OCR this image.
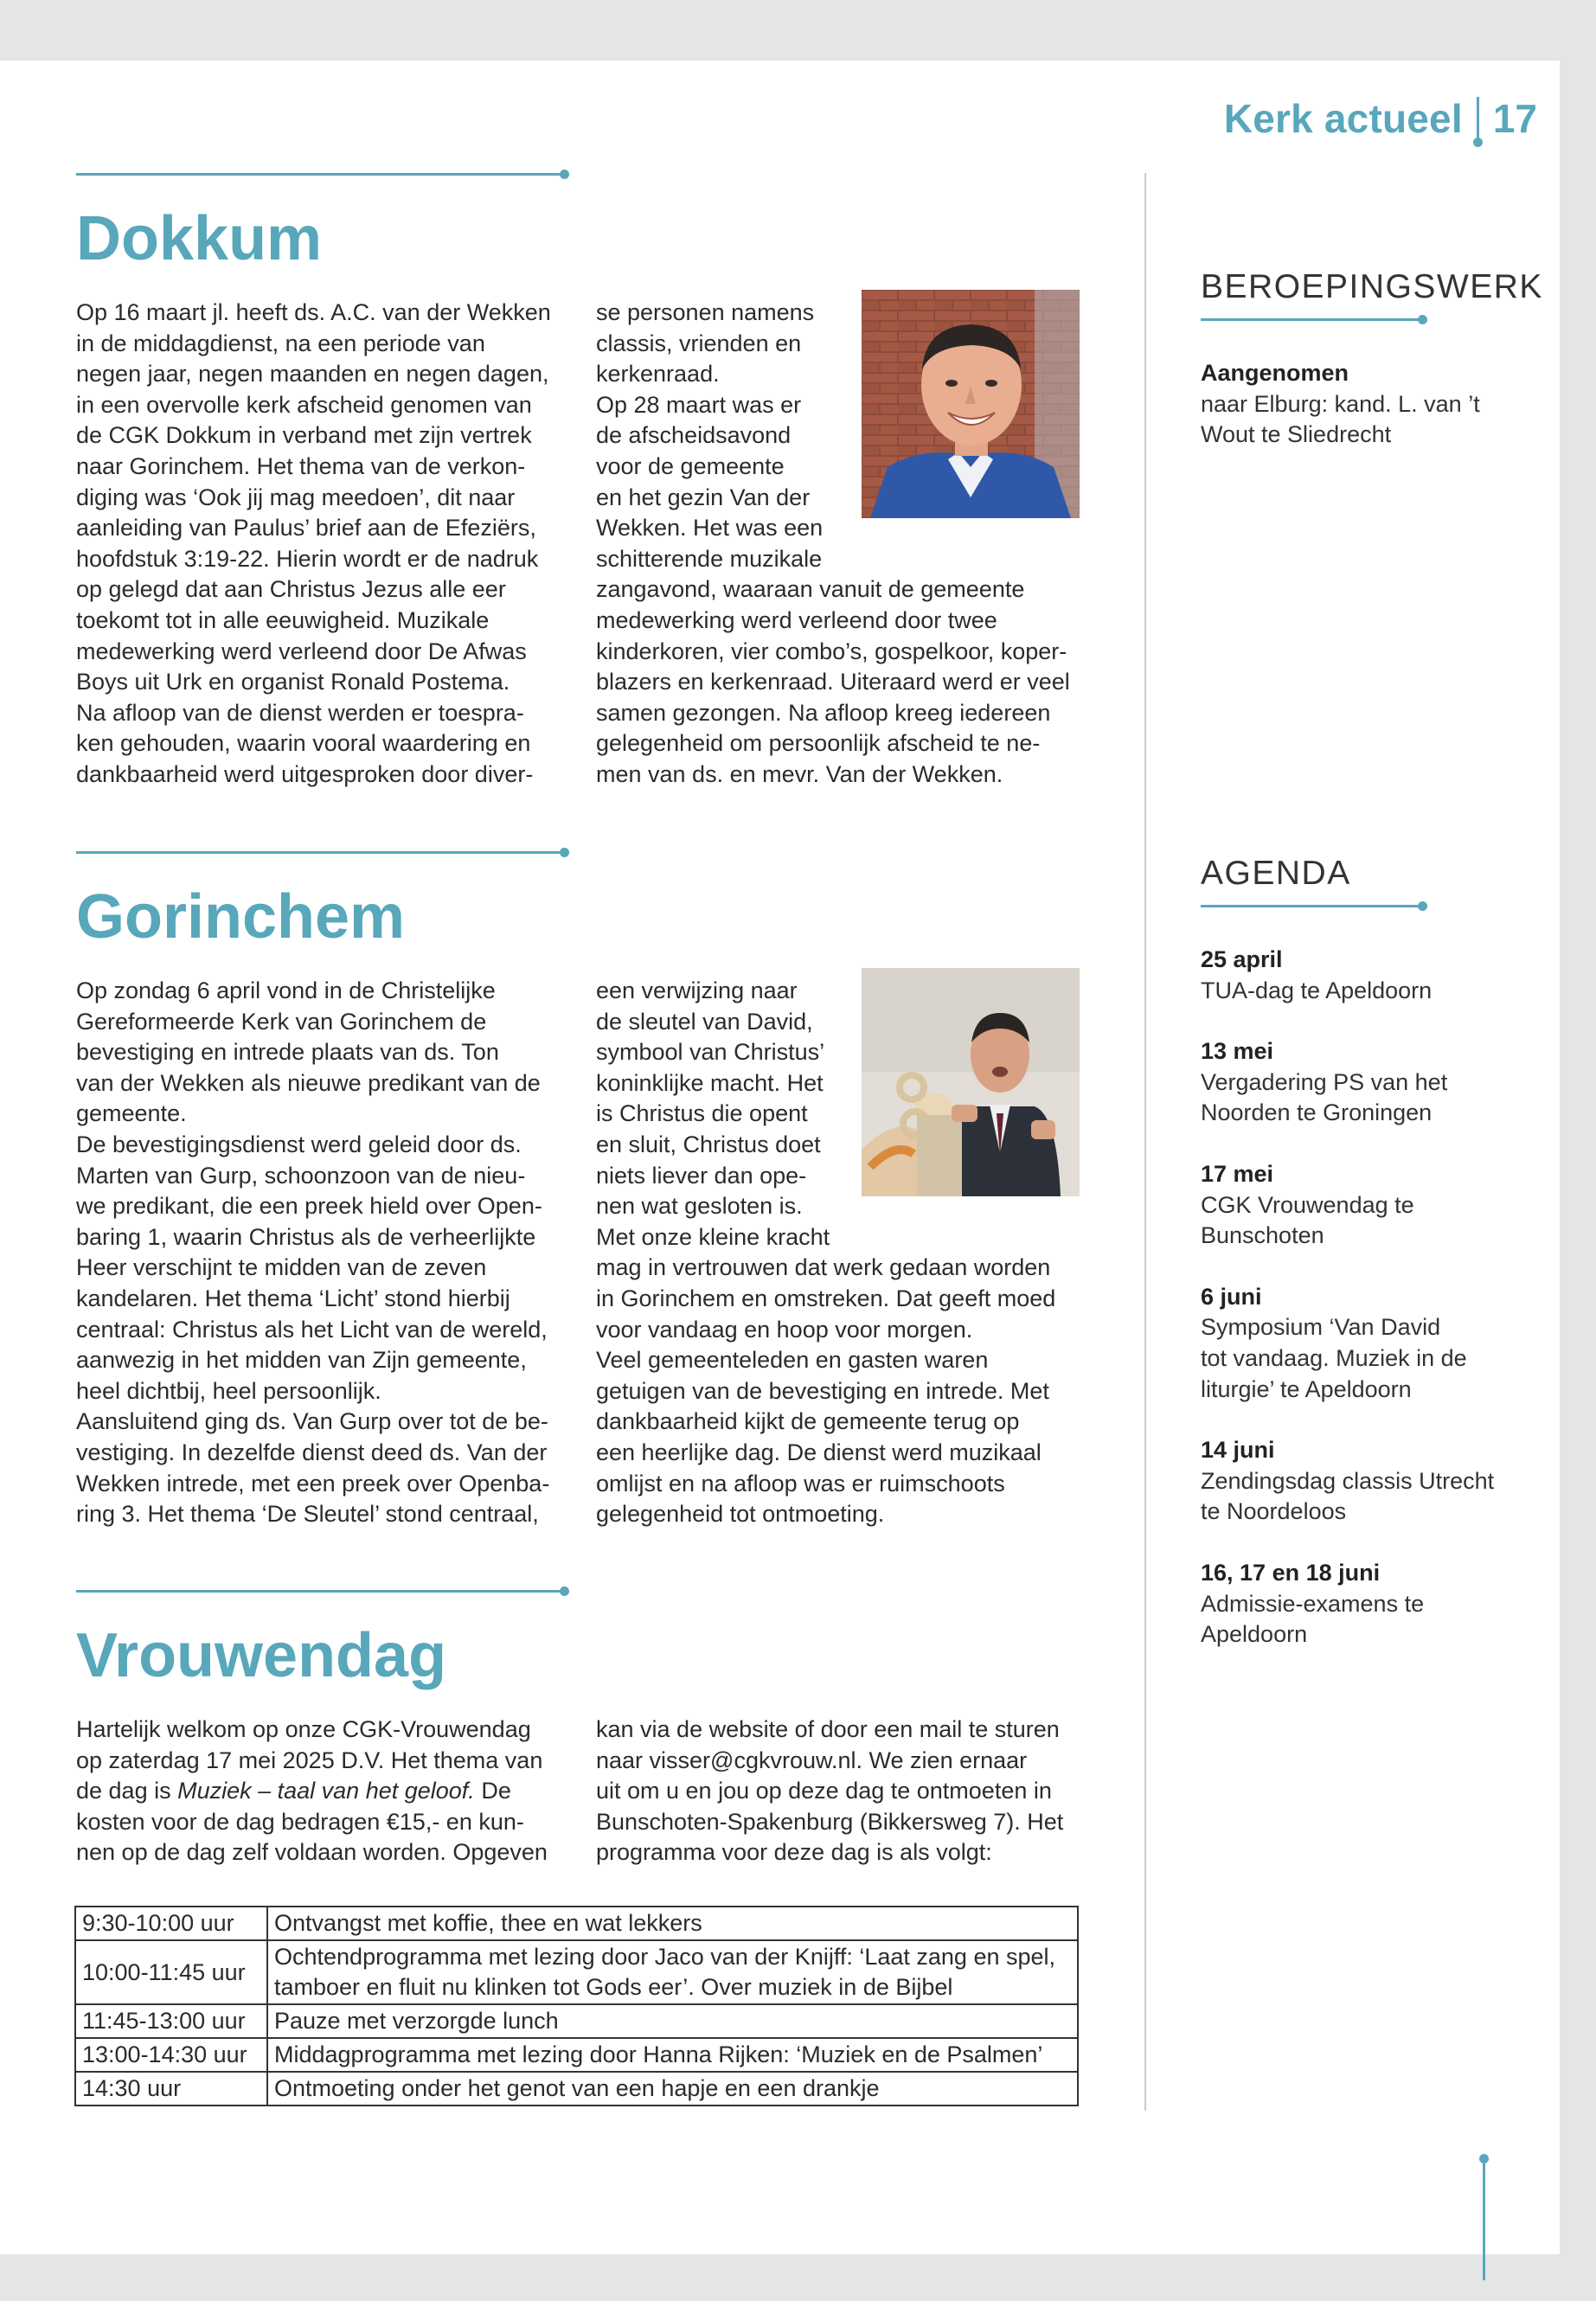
Kerk actueel 17
Dokkum
Op 16 maart jl. heeft ds. A.C. van der Wekken
in de middagdienst, na een periode van
negen jaar, negen maanden en negen dagen,
in een overvolle kerk afscheid genomen van
de CGK Dokkum in verband met zijn vertrek
naar Gorinchem. Het thema van de verkon-
diging was ‘Ook jij mag meedoen’, dit naar
aanleiding van Paulus’ brief aan de Efeziërs,
hoofdstuk 3:19-22. Hierin wordt er de nadruk
op gelegd dat aan Christus Jezus alle eer
toekomt tot in alle eeuwigheid. Muzikale
medewerking werd verleend door De Afwas
Boys uit Urk en organist Ronald Postema.
Na afloop van de dienst werden er toespra-
ken gehouden, waarin vooral waardering en
dankbaarheid werd uitgesproken door diver-
se personen namens
classis, vrienden en
kerkenraad.
Op 28 maart was er
de afscheidsavond
voor de gemeente
en het gezin Van der
Wekken. Het was een
schitterende muzikale
zangavond, waaraan vanuit de gemeente
medewerking werd verleend door twee
kinderkoren, vier combo’s, gospelkoor, koper-
blazers en kerkenraad. Uiteraard werd er veel
samen gezongen. Na afloop kreeg iedereen
gelegenheid om persoonlijk afscheid te ne-
men van ds. en mevr. Van der Wekken.
Gorinchem
Op zondag 6 april vond in de Christelijke
Gereformeerde Kerk van Gorinchem de
bevestiging en intrede plaats van ds. Ton
van der Wekken als nieuwe predikant van de
gemeente.
De bevestigingsdienst werd geleid door ds.
Marten van Gurp, schoonzoon van de nieu-
we predikant, die een preek hield over Open-
baring 1, waarin Christus als de verheerlijkte
Heer verschijnt te midden van de zeven
kandelaren. Het thema ‘Licht’ stond hierbij
centraal: Christus als het Licht van de wereld,
aanwezig in het midden van Zijn gemeente,
heel dichtbij, heel persoonlijk.
Aansluitend ging ds. Van Gurp over tot de be-
vestiging. In dezelfde dienst deed ds. Van der
Wekken intrede, met een preek over Openba-
ring 3. Het thema ‘De Sleutel’ stond centraal,
een verwijzing naar
de sleutel van David,
symbool van Christus’
koninklijke macht. Het
is Christus die opent
en sluit, Christus doet
niets liever dan ope-
nen wat gesloten is.
Met onze kleine kracht
mag in vertrouwen dat werk gedaan worden
in Gorinchem en omstreken. Dat geeft moed
voor vandaag en hoop voor morgen.
Veel gemeenteleden en gasten waren
getuigen van de bevestiging en intrede. Met
dankbaarheid kijkt de gemeente terug op
een heerlijke dag. De dienst werd muzikaal
omlijst en na afloop was er ruimschoots
gelegenheid tot ontmoeting.
Vrouwendag
Hartelijk welkom op onze CGK-Vrouwendag
op zaterdag 17 mei 2025 D.V. Het thema van
de dag is Muziek – taal van het geloof. De
kosten voor de dag bedragen €15,- en kun-
nen op de dag zelf voldaan worden. Opgeven
kan via de website of door een mail te sturen
naar visser@cgkvrouw.nl. We zien ernaar
uit om u en jou op deze dag te ontmoeten in
Bunschoten-Spakenburg (Bikkersweg 7). Het
programma voor deze dag is als volgt:
9:30-10:00 uur	Ontvangst met koffie, thee en wat lekkers
10:00-11:45 uur	Ochtendprogramma met lezing door Jaco van der Knijff: ‘Laat zang en spel, tamboer en fluit nu klinken tot Gods eer’. Over muziek in de Bijbel
11:45-13:00 uur	Pauze met verzorgde lunch
13:00-14:30 uur	Middagprogramma met lezing door Hanna Rijken: ‘Muziek en de Psalmen’
14:30 uur	Ontmoeting onder het genot van een hapje en een drankje
BEROEPINGSWERK
Aangenomen
naar Elburg: kand. L. van ’t
Wout te Sliedrecht
AGENDA
25 april
TUA-dag te Apeldoorn
13 mei
Vergadering PS van het
Noorden te Groningen
17 mei
CGK Vrouwendag te
Bunschoten
6 juni
Symposium ‘Van David
tot vandaag. Muziek in de
liturgie’ te Apeldoorn
14 juni
Zendingsdag classis Utrecht
te Noordeloos
16, 17 en 18 juni
Admissie-examens te
Apeldoorn
